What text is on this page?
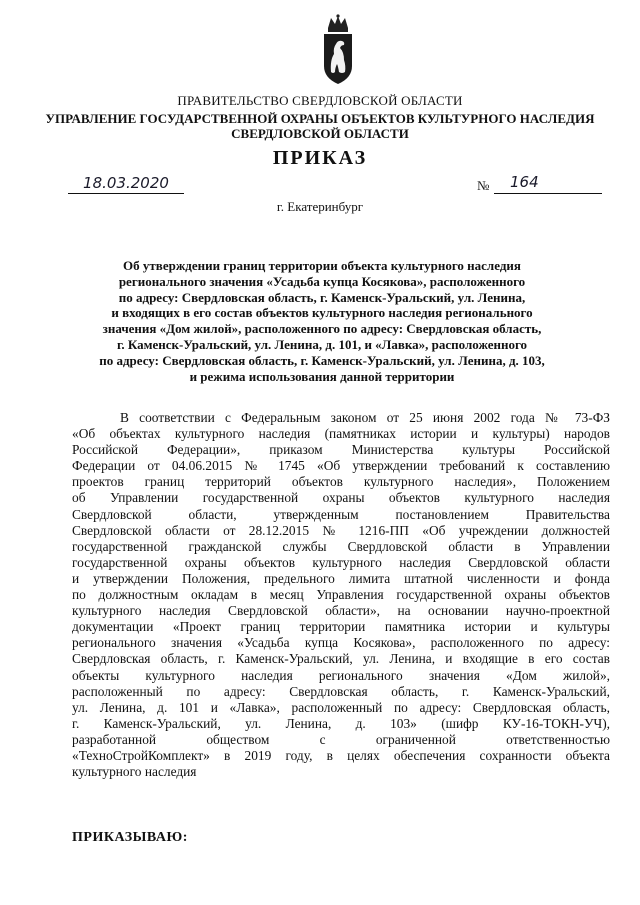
ПРАВИТЕЛЬСТВО СВЕРДЛОВСКОЙ ОБЛАСТИ
УПРАВЛЕНИЕ ГОСУДАРСТВЕННОЙ ОХРАНЫ ОБЪЕКТОВ КУЛЬТУРНОГО НАСЛЕДИЯ
СВЕРДЛОВСКОЙ ОБЛАСТИ
ПРИКАЗ
18.03.2020	№ 164
г. Екатеринбург
Об утверждении границ территории объекта культурного наследия
регионального значения «Усадьба купца Косякова», расположенного
по адресу: Свердловская область, г. Каменск-Уральский, ул. Ленина,
и входящих в его состав объектов культурного наследия регионального
значения «Дом жилой», расположенного по адресу: Свердловская область,
г. Каменск-Уральский, ул. Ленина, д. 101, и «Лавка», расположенного
по адресу: Свердловская область, г. Каменск-Уральский, ул. Ленина, д. 103,
и режима использования данной территории
В соответствии с Федеральным законом от 25 июня 2002 года № 73-ФЗ
«Об объектах культурного наследия (памятниках истории и культуры) народов
Российской Федерации», приказом Министерства культуры Российской
Федерации от 04.06.2015 № 1745 «Об утверждении требований к составлению
проектов границ территорий объектов культурного наследия», Положением
об Управлении государственной охраны объектов культурного наследия
Свердловской области, утвержденным постановлением Правительства
Свердловской области от 28.12.2015 № 1216-ПП «Об учреждении должностей
государственной гражданской службы Свердловской области в Управлении
государственной охраны объектов культурного наследия Свердловской области
и утверждении Положения, предельного лимита штатной численности и фонда
по должностным окладам в месяц Управления государственной охраны объектов
культурного наследия Свердловской области», на основании научно-проектной
документации «Проект границ территории памятника истории и культуры
регионального значения «Усадьба купца Косякова», расположенного по адресу:
Свердловская область, г. Каменск-Уральский, ул. Ленина, и входящие в его состав
объекты культурного наследия регионального значения «Дом жилой»,
расположенный по адресу: Свердловская область, г. Каменск-Уральский,
ул. Ленина, д. 101 и «Лавка», расположенный по адресу: Свердловская область,
г. Каменск-Уральский, ул. Ленина, д. 103» (шифр КУ-16-ТОКН-УЧ),
разработанной обществом с ограниченной ответственностью
«ТехноСтройКомплект» в 2019 году, в целях обеспечения сохранности объекта
культурного наследия
ПРИКАЗЫВАЮ:
